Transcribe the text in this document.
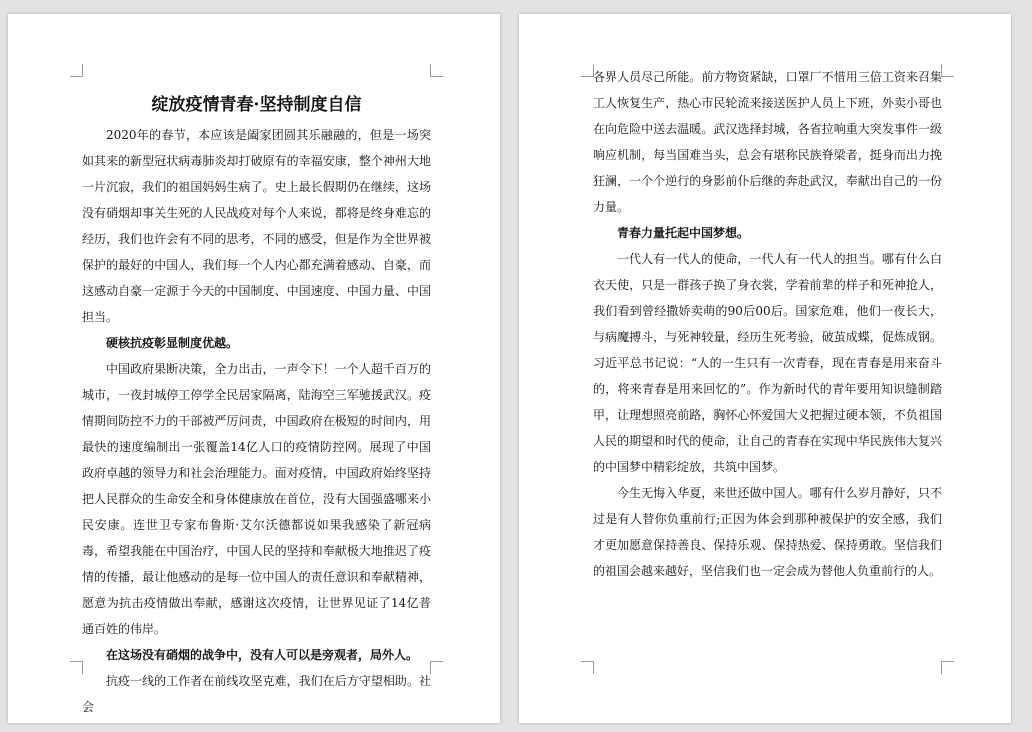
绽放疫情青春·坚持制度自信

2020年的春节，本应该是阖家团圆其乐融融的，但是一场突如其来的新型冠状病毒肺炎却打破原有的幸福安康，整个神州大地一片沉寂，我们的祖国妈妈生病了。史上最长假期仍在继续，这场没有硝烟却事关生死的人民战疫对每个人来说，都将是终身难忘的经历，我们也许会有不同的思考，不同的感受，但是作为全世界被保护的最好的中国人，我们每一个人内心都充满着感动、自豪，而这感动自豪一定源于今天的中国制度、中国速度、中国力量、中国担当。

硬核抗疫彰显制度优越。

中国政府果断决策，全力出击，一声令下！一个人超千百万的城市，一夜封城停工停学全民居家隔离，陆海空三军驰援武汉。疫情期间防控不力的干部被严厉问责，中国政府在极短的时间内，用最快的速度编制出一张覆盖14亿人口的疫情防控网。展现了中国政府卓越的领导力和社会治理能力。面对疫情，中国政府始终坚持把人民群众的生命安全和身体健康放在首位，没有大国强盛哪来小民安康。连世卫专家布鲁斯·艾尔沃德都说如果我感染了新冠病毒，希望我能在中国治疗，中国人民的坚持和奉献极大地推迟了疫情的传播，最让他感动的是每一位中国人的责任意识和奉献精神，愿意为抗击疫情做出奉献，感谢这次疫情，让世界见证了14亿普通百姓的伟岸。

在这场没有硝烟的战争中，没有人可以是旁观者，局外人。

抗疫一线的工作者在前线攻坚克难，我们在后方守望相助。社会

各界人员尽己所能。前方物资紧缺，口罩厂不惜用三倍工资来召集工人恢复生产，热心市民轮流来接送医护人员上下班，外卖小哥也在向危险中送去温暖。武汉选择封城，各省拉响重大突发事件一级响应机制，每当国难当头，总会有堪称民族脊梁者，挺身而出力挽狂澜，一个个逆行的身影前仆后继的奔赴武汉，奉献出自己的一份力量。

青春力量托起中国梦想。

一代人有一代人的使命，一代人有一代人的担当。哪有什么白衣天使，只是一群孩子换了身衣裳，学着前辈的样子和死神抢人，我们看到曾经撒娇卖萌的90后00后。国家危难，他们一夜长大，与病魔搏斗，与死神较量，经历生死考验，破茧成蝶，促炼成钢。习近平总书记说：“人的一生只有一次青春，现在青春是用来奋斗的，将来青春是用来回忆的”。作为新时代的青年要用知识缝制踏甲，让理想照亮前路，胸怀心怀爱国大义把握过硬本领，不负祖国人民的期望和时代的使命，让自己的青春在实现中华民族伟大复兴的中国梦中精彩绽放，共筑中国梦。

今生无悔入华夏，来世还做中国人。哪有什么岁月静好，只不过是有人替你负重前行;正因为体会到那种被保护的安全感，我们才更加愿意保持善良、保持乐观、保持热爱、保持勇敢。坚信我们的祖国会越来越好，坚信我们也一定会成为替他人负重前行的人。
